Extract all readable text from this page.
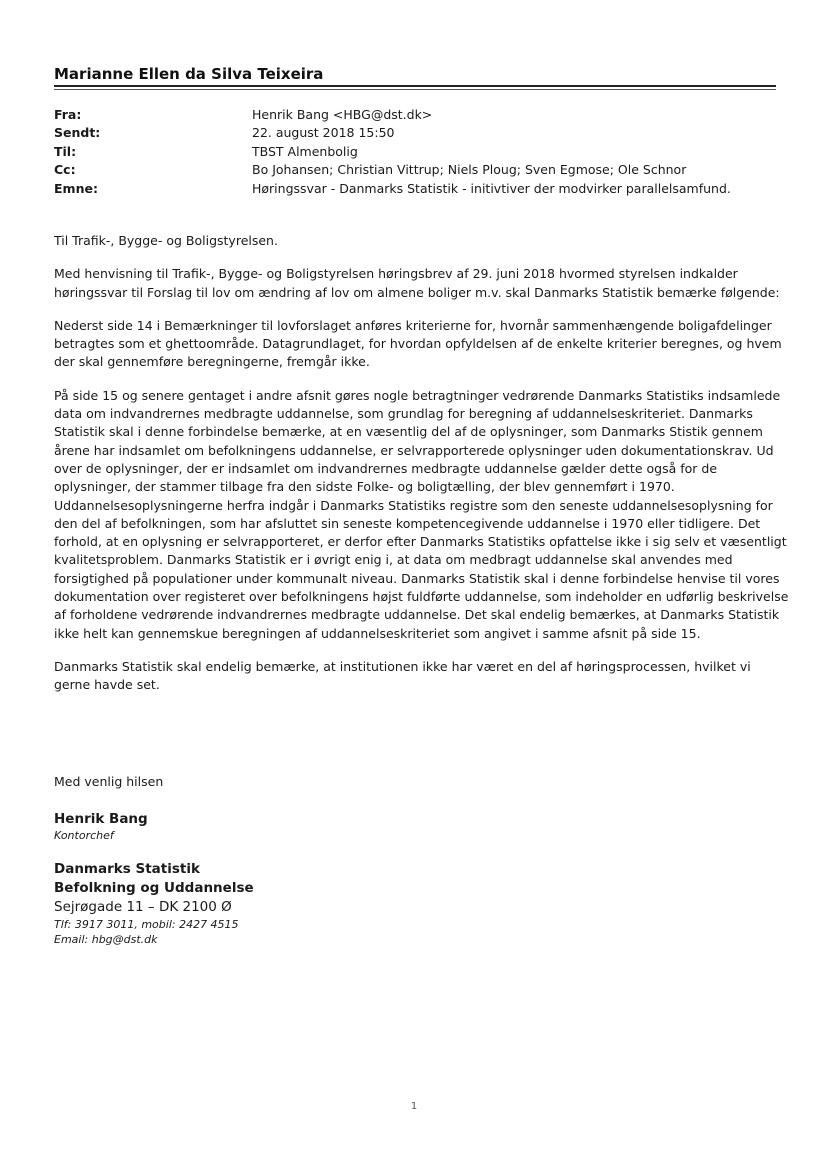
Marianne Ellen da Silva Teixeira
Fra:	Henrik Bang <HBG@dst.dk>
Sendt:	22. august 2018 15:50
Til:	TBST Almenbolig
Cc:	Bo Johansen; Christian Vittrup; Niels Ploug; Sven Egmose; Ole Schnor
Emne:	Høringssvar - Danmarks Statistik - initivtiver der modvirker parallelsamfund.

Til Trafik-, Bygge- og Boligstyrelsen.

Med henvisning til Trafik-, Bygge- og Boligstyrelsen høringsbrev af 29. juni 2018 hvormed styrelsen indkalder høringssvar til Forslag til lov om ændring af lov om almene boliger m.v. skal Danmarks Statistik bemærke følgende:

Nederst side 14 i Bemærkninger til lovforslaget anføres kriterierne for, hvornår sammenhængende boligafdelinger betragtes som et ghettoområde. Datagrundlaget, for hvordan opfyldelsen af de enkelte kriterier beregnes, og hvem der skal gennemføre beregningerne, fremgår ikke.

På side 15 og senere gentaget i andre afsnit gøres nogle betragtninger vedrørende Danmarks Statistiks indsamlede data om indvandrernes medbragte uddannelse, som grundlag for beregning af uddannelseskriteriet. Danmarks Statistik skal i denne forbindelse bemærke, at en væsentlig del af de oplysninger, som Danmarks Stistik gennem årene har indsamlet om befolkningens uddannelse, er selvrapporterede oplysninger uden dokumentationskrav. Ud over de oplysninger, der er indsamlet om indvandrernes medbragte uddannelse gælder dette også for de oplysninger, der stammer tilbage fra den sidste Folke- og boligtælling, der blev gennemført i 1970. Uddannelsesoplysningerne herfra indgår i Danmarks Statistiks registre som den seneste uddannelsesoplysning for den del af befolkningen, som har afsluttet sin seneste kompetencegivende uddannelse i 1970 eller tidligere. Det forhold, at en oplysning er selvrapporteret, er derfor efter Danmarks Statistiks opfattelse ikke i sig selv et væsentligt kvalitetsproblem. Danmarks Statistik er i øvrigt enig i, at data om medbragt uddannelse skal anvendes med forsigtighed på populationer under kommunalt niveau. Danmarks Statistik skal i denne forbindelse henvise til vores dokumentation over registeret over befolkningens højst fuldførte uddannelse, som indeholder en udførlig beskrivelse af forholdene vedrørende indvandrernes medbragte uddannelse. Det skal endelig bemærkes, at Danmarks Statistik ikke helt kan gennemskue beregningen af uddannelseskriteriet som angivet i samme afsnit på side 15.

Danmarks Statistik skal endelig bemærke, at institutionen ikke har været en del af høringsprocessen, hvilket vi gerne havde set.

Med venlig hilsen
Henrik Bang
Kontorchef
Danmarks Statistik
Befolkning og Uddannelse
Sejrøgade 11 – DK 2100 Ø
Tlf: 3917 3011, mobil: 2427 4515
Email: hbg@dst.dk
1
